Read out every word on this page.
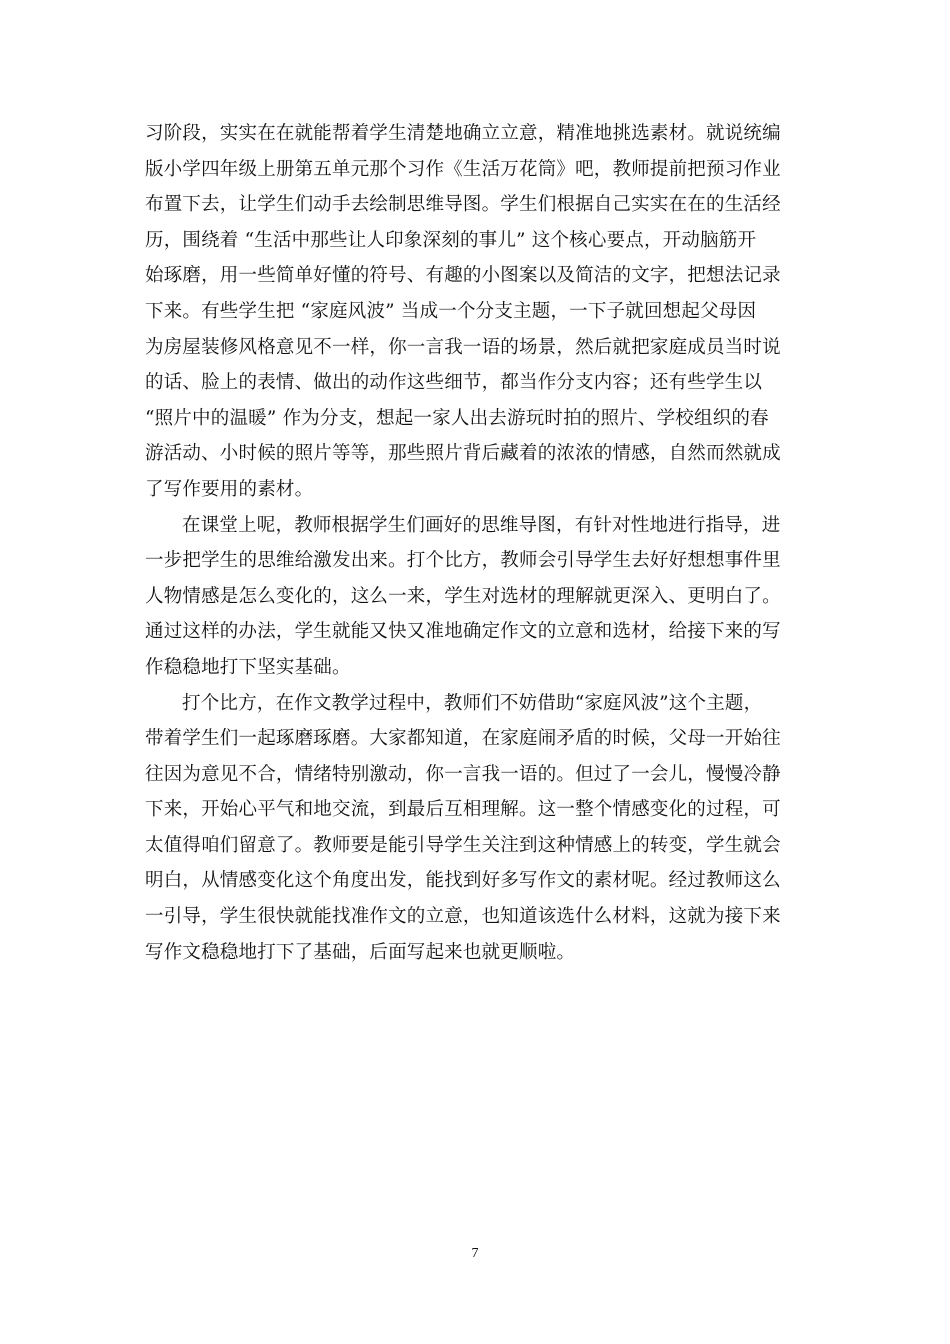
习阶段，实实在在就能帮着学生清楚地确立立意，精准地挑选素材。就说统编
版小学四年级上册第五单元那个习作《生活万花筒》吧，教师提前把预习作业
布置下去，让学生们动手去绘制思维导图。学生们根据自己实实在在的生活经
历，围绕着 “生活中那些让人印象深刻的事儿” 这个核心要点，开动脑筋开
始琢磨，用一些简单好懂的符号、有趣的小图案以及简洁的文字，把想法记录
下来。有些学生把 “家庭风波” 当成一个分支主题，一下子就回想起父母因
为房屋装修风格意见不一样，你一言我一语的场景，然后就把家庭成员当时说
的话、脸上的表情、做出的动作这些细节，都当作分支内容；还有些学生以
“照片中的温暖” 作为分支，想起一家人出去游玩时拍的照片、学校组织的春
游活动、小时候的照片等等，那些照片背后藏着的浓浓的情感，自然而然就成
了写作要用的素材。
在课堂上呢，教师根据学生们画好的思维导图，有针对性地进行指导，进
一步把学生的思维给激发出来。打个比方，教师会引导学生去好好想想事件里
人物情感是怎么变化的，这么一来，学生对选材的理解就更深入、更明白了。
通过这样的办法，学生就能又快又准地确定作文的立意和选材，给接下来的写
作稳稳地打下坚实基础。
打个比方，在作文教学过程中，教师们不妨借助“家庭风波”这个主题，
带着学生们一起琢磨琢磨。大家都知道，在家庭闹矛盾的时候，父母一开始往
往因为意见不合，情绪特别激动，你一言我一语的。但过了一会儿，慢慢冷静
下来，开始心平气和地交流，到最后互相理解。这一整个情感变化的过程，可
太值得咱们留意了。教师要是能引导学生关注到这种情感上的转变，学生就会
明白，从情感变化这个角度出发，能找到好多写作文的素材呢。经过教师这么
一引导，学生很快就能找准作文的立意，也知道该选什么材料，这就为接下来
写作文稳稳地打下了基础，后面写起来也就更顺啦。
7
